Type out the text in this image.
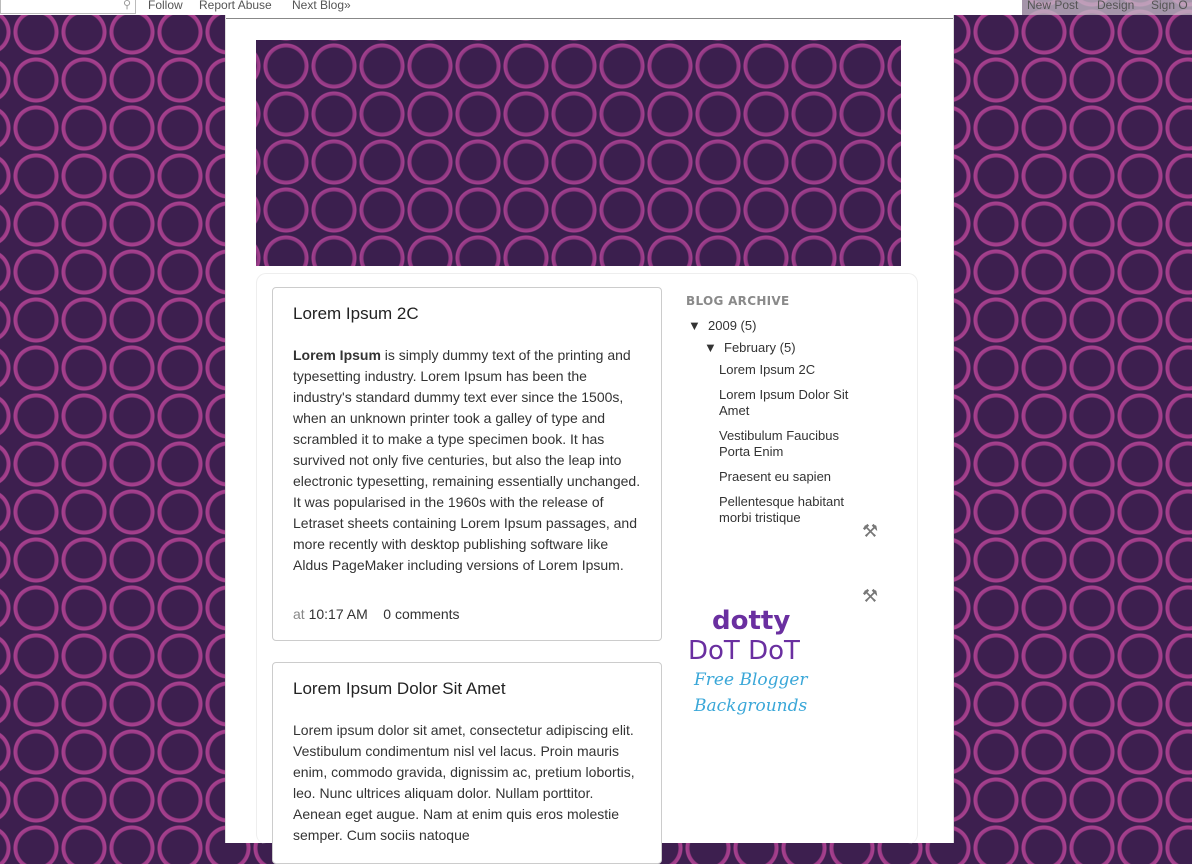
⚲ Follow Report Abuse Next Blog»	New Post Design Sign O
Lorem Ipsum 2C
Lorem Ipsum is simply dummy text of the printing and typesetting industry. Lorem Ipsum has been the industry's standard dummy text ever since the 1500s, when an unknown printer took a galley of type and scrambled it to make a type specimen book. It has survived not only five centuries, but also the leap into electronic typesetting, remaining essentially unchanged. It was popularised in the 1960s with the release of Letraset sheets containing Lorem Ipsum passages, and more recently with desktop publishing software like Aldus PageMaker including versions of Lorem Ipsum.
at 10:17 AM 0 comments
Lorem Ipsum Dolor Sit Amet
Lorem ipsum dolor sit amet, consectetur adipiscing elit. Vestibulum condimentum nisl vel lacus. Proin mauris enim, commodo gravida, dignissim ac, pretium lobortis, leo. Nunc ultrices aliquam dolor. Nullam porttitor. Aenean eget augue. Nam at enim quis eros molestie semper. Cum sociis natoque
BLOG ARCHIVE
▼ 2009 (5)
▼ February (5)
Lorem Ipsum 2C
Lorem Ipsum Dolor Sit Amet
Vestibulum Faucibus Porta Enim
Praesent eu sapien
Pellentesque habitant morbi tristique
⚒
⚒
dotty
DoT DoT
Free Blogger
Backgrounds
